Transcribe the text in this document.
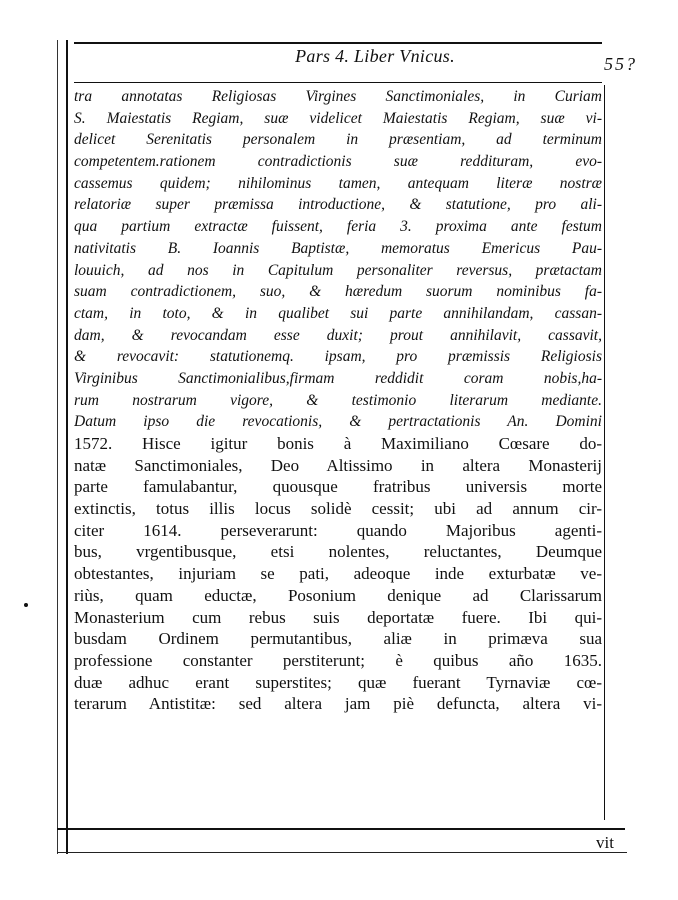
Pars 4. Liber Vnicus.	55?
tra annotatas Religiosas Virgines Sanctimoniales, in Curiam
S. Maiestatis Regiam, suæ videlicet Maiestatis Regiam, suæ vi-
delicet Serenitatis personalem in præsentiam, ad terminum
competentem.rationem contradictionis suæ reddituram, evo-
cassemus quidem; nihilominus tamen, antequam literæ nostræ
relatoriæ super præmissa introductione, & statutione, pro ali-
qua partium extractæ fuissent, feria 3. proxima ante festum
nativitatis B. Ioannis Baptistæ, memoratus Emericus Pau-
louuich, ad nos in Capitulum personaliter reversus, prætactam
suam contradictionem, suo, & hæredum suorum nominibus fa-
ctam, in toto, & in qualibet sui parte annihilandam, cassan-
dam, & revocandam esse duxit; prout annihilavit, cassavit,
& revocavit: statutionemq. ipsam, pro præmissis Religiosis
Virginibus Sanctimonialibus,firmam reddidit coram nobis,ha-
rum nostrarum vigore, & testimonio literarum mediante.
Datum ipso die revocationis, & pertractationis An. Domini
1572. Hisce igitur bonis à Maximiliano Cœsare do-
natæ Sanctimoniales, Deo Altissimo in altera Monasterij
parte famulabantur, quousque fratribus universis morte
extinctis, totus illis locus solidè cessit; ubi ad annum cir-
citer 1614. perseverarunt: quando Majoribus agenti-
bus, vrgentibusque, etsi nolentes, reluctantes, Deumque
obtestantes, injuriam se pati, adeoque inde exturbatæ ve-
riùs, quam eductæ, Posonium denique ad Clarissarum
Monasterium cum rebus suis deportatæ fuere. Ibi qui-
busdam Ordinem permutantibus, aliæ in primæva sua
professione constanter perstiterunt; è quibus año 1635.
duæ adhuc erant superstites; quæ fuerant Tyrnaviæ cœ-
terarum Antistitæ: sed altera jam piè defuncta, altera vi-
vit
